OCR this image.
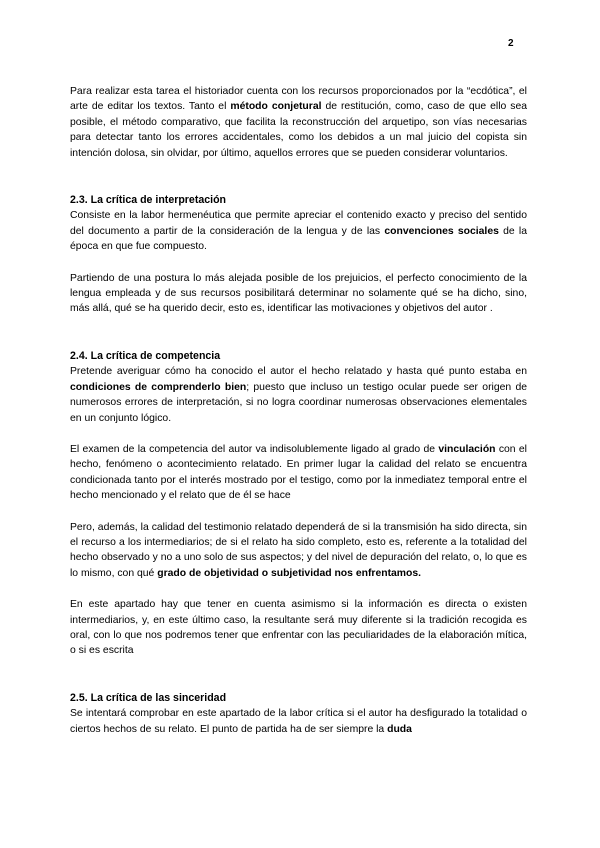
2

Para realizar esta tarea el historiador cuenta con los recursos proporcionados por la “ecdótica”, el arte de editar los textos. Tanto el método conjetural de restitución, como, caso de que ello sea posible, el método comparativo, que facilita la reconstrucción del arquetipo, son vías necesarias para detectar tanto los errores accidentales, como los debidos a un mal juicio del copista sin intención dolosa, sin olvidar, por último, aquellos errores que se pueden considerar voluntarios.

2.3. La crítica de interpretación

Consiste en la labor hermenéutica que permite apreciar el contenido exacto y preciso del sentido del documento a partir de la consideración de la lengua y de las convenciones sociales de la época en que fue compuesto.

Partiendo de una postura lo más alejada posible de los prejuicios, el perfecto conocimiento de la lengua empleada y de sus recursos posibilitará determinar no solamente qué se ha dicho, sino, más allá, qué se ha querido decir, esto es, identificar las motivaciones y objetivos del autor .

2.4. La crítica de competencia

Pretende averiguar cómo ha conocido el autor el hecho relatado y hasta qué punto estaba en condiciones de comprenderlo bien; puesto que incluso un testigo ocular puede ser origen de numerosos errores de interpretación, si no logra coordinar numerosas observaciones elementales en un conjunto lógico.

El examen de la competencia del autor va indisolublemente ligado al grado de vinculación con el hecho, fenómeno o acontecimiento relatado. En primer lugar la calidad del relato se encuentra condicionada tanto por el interés mostrado por el testigo, como por la inmediatez temporal entre el hecho mencionado y el relato que de él se hace

Pero, además, la calidad del testimonio relatado dependerá de si la transmisión ha sido directa, sin el recurso a los intermediarios; de si el relato ha sido completo, esto es, referente a la totalidad del hecho observado y no a uno solo de sus aspectos; y del nivel de depuración del relato, o, lo que es lo mismo, con qué grado de objetividad o subjetividad nos enfrentamos.

En este apartado hay que tener en cuenta asimismo si la información es directa o existen intermediarios, y, en este último caso, la resultante será muy diferente si la tradición recogida es oral, con lo que nos podremos tener que enfrentar con las peculiaridades de la elaboración mítica, o si es escrita

2.5. La crítica de las sinceridad

Se intentará comprobar en este apartado de la labor crítica si el autor ha desfigurado la totalidad o ciertos hechos de su relato. El punto de partida ha de ser siempre la duda
